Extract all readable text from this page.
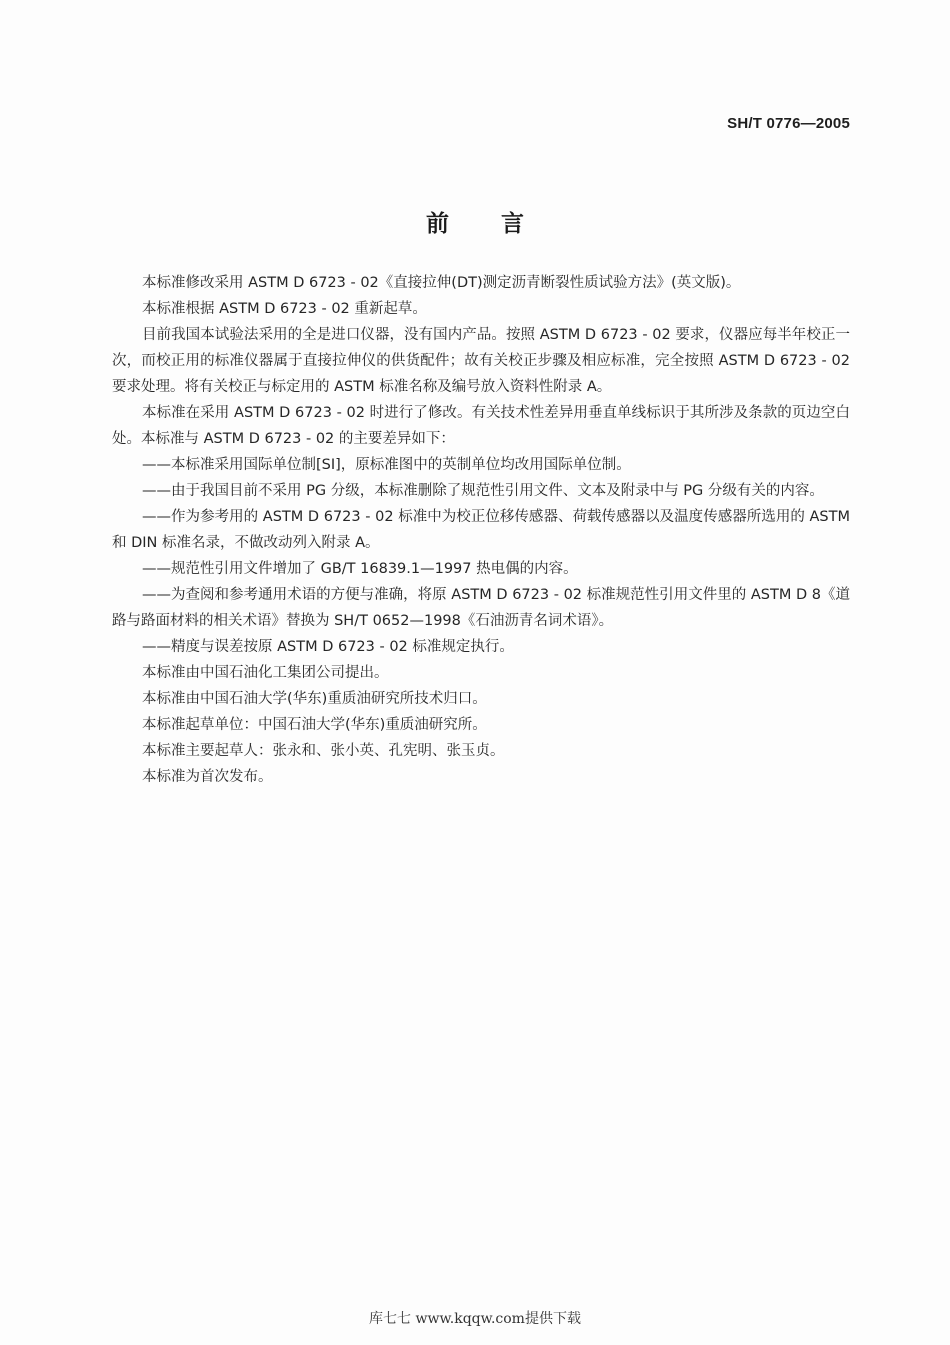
SH/T 0776—2005
前言

本标准修改采用 ASTM D 6723 - 02《直接拉伸(DT)测定沥青断裂性质试验方法》(英文版)。

本标准根据 ASTM D 6723 - 02 重新起草。

目前我国本试验法采用的全是进口仪器，没有国内产品。按照 ASTM D 6723 - 02 要求，仪器应每半年校正一次，而校正用的标准仪器属于直接拉伸仪的供货配件；故有关校正步骤及相应标准，完全按照 ASTM D 6723 - 02 要求处理。将有关校正与标定用的 ASTM 标准名称及编号放入资料性附录 A。

本标准在采用 ASTM D 6723 - 02 时进行了修改。有关技术性差异用垂直单线标识于其所涉及条款的页边空白处。本标准与 ASTM D 6723 - 02 的主要差异如下：

——本标准采用国际单位制[SI]，原标准图中的英制单位均改用国际单位制。

——由于我国目前不采用 PG 分级，本标准删除了规范性引用文件、文本及附录中与 PG 分级有关的内容。

——作为参考用的 ASTM D 6723 - 02 标准中为校正位移传感器、荷载传感器以及温度传感器所选用的 ASTM 和 DIN 标准名录，不做改动列入附录 A。

——规范性引用文件增加了 GB/T 16839.1—1997 热电偶的内容。

——为查阅和参考通用术语的方便与准确，将原 ASTM D 6723 - 02 标准规范性引用文件里的 ASTM D 8《道路与路面材料的相关术语》替换为 SH/T 0652—1998《石油沥青名词术语》。

——精度与误差按原 ASTM D 6723 - 02 标准规定执行。

本标准由中国石油化工集团公司提出。

本标准由中国石油大学(华东)重质油研究所技术归口。

本标准起草单位：中国石油大学(华东)重质油研究所。

本标准主要起草人：张永和、张小英、孔宪明、张玉贞。

本标准为首次发布。

库七七 www.kqqw.com提供下载
